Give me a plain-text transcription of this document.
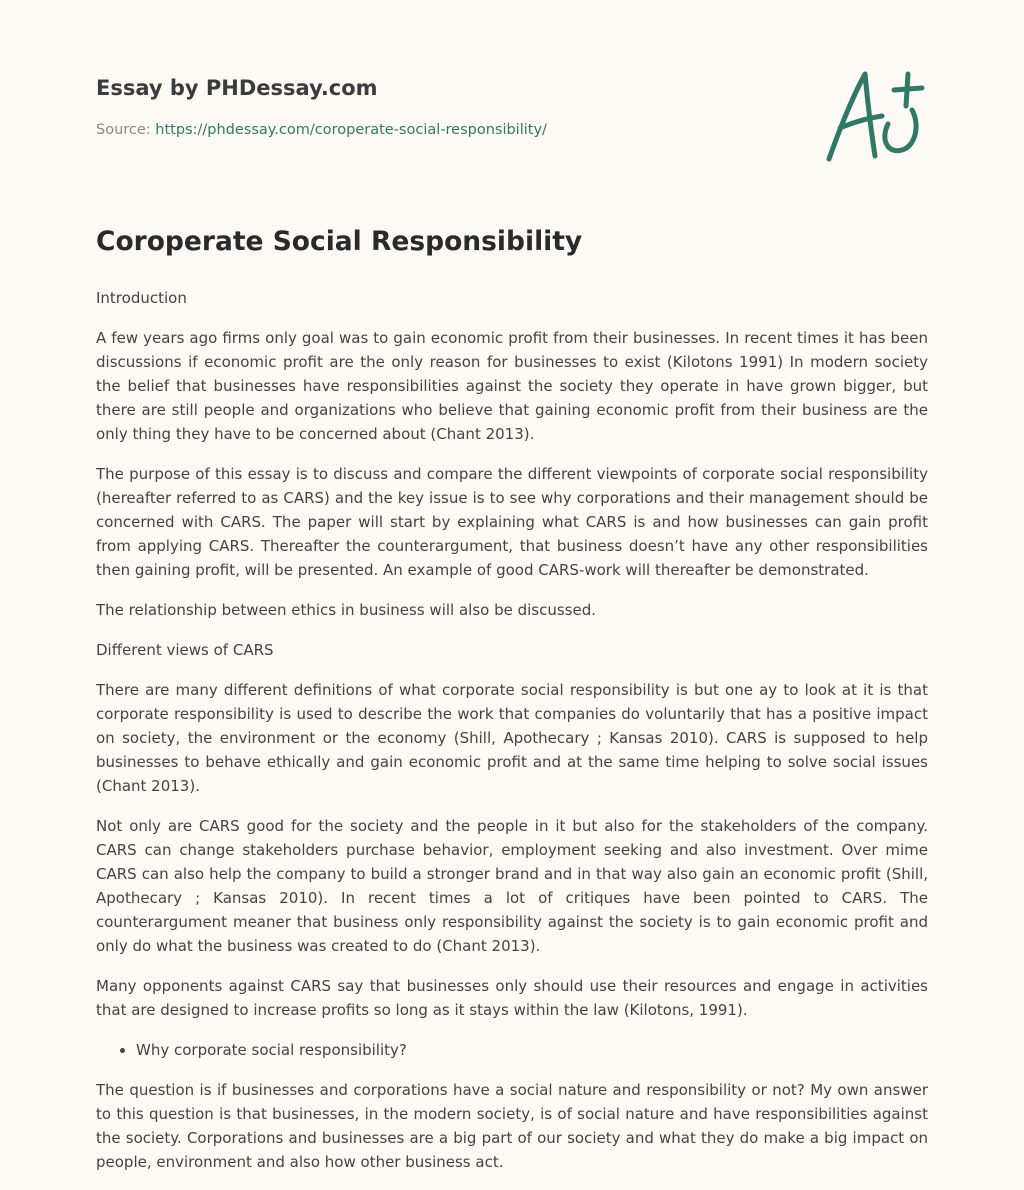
Essay by PHDessay.com
Source: https://phdessay.com/coroperate-social-responsibility/
Coroperate Social Responsibility

Introduction

A few years ago firms only goal was to gain economic profit from their businesses. In recent times it has been discussions if economic profit are the only reason for businesses to exist (Kilotons 1991) In modern society the belief that businesses have responsibilities against the society they operate in have grown bigger, but there are still people and organizations who believe that gaining economic profit from their business are the only thing they have to be concerned about (Chant 2013).

The purpose of this essay is to discuss and compare the different viewpoints of corporate social responsibility (hereafter referred to as CARS) and the key issue is to see why corporations and their management should be concerned with CARS. The paper will start by explaining what CARS is and how businesses can gain profit from applying CARS. Thereafter the counterargument, that business doesn’t have any other responsibilities then gaining profit, will be presented. An example of good CARS-work will thereafter be demonstrated.

The relationship between ethics in business will also be discussed.

Different views of CARS

There are many different definitions of what corporate social responsibility is but one ay to look at it is that corporate responsibility is used to describe the work that companies do voluntarily that has a positive impact on society, the environment or the economy (Shill, Apothecary ; Kansas 2010). CARS is supposed to help businesses to behave ethically and gain economic profit and at the same time helping to solve social issues (Chant 2013).

Not only are CARS good for the society and the people in it but also for the stakeholders of the company. CARS can change stakeholders purchase behavior, employment seeking and also investment. Over mime CARS can also help the company to build a stronger brand and in that way also gain an economic profit (Shill, Apothecary ; Kansas 2010). In recent times a lot of critiques have been pointed to CARS. The counterargument meaner that business only responsibility against the society is to gain economic profit and only do what the business was created to do (Chant 2013).

Many opponents against CARS say that businesses only should use their resources and engage in activities that are designed to increase profits so long as it stays within the law (Kilotons, 1991).

• Why corporate social responsibility?

The question is if businesses and corporations have a social nature and responsibility or not? My own answer to this question is that businesses, in the modern society, is of social nature and have responsibilities against the society. Corporations and businesses are a big part of our society and what they do make a big impact on people, environment and also how other business act.
